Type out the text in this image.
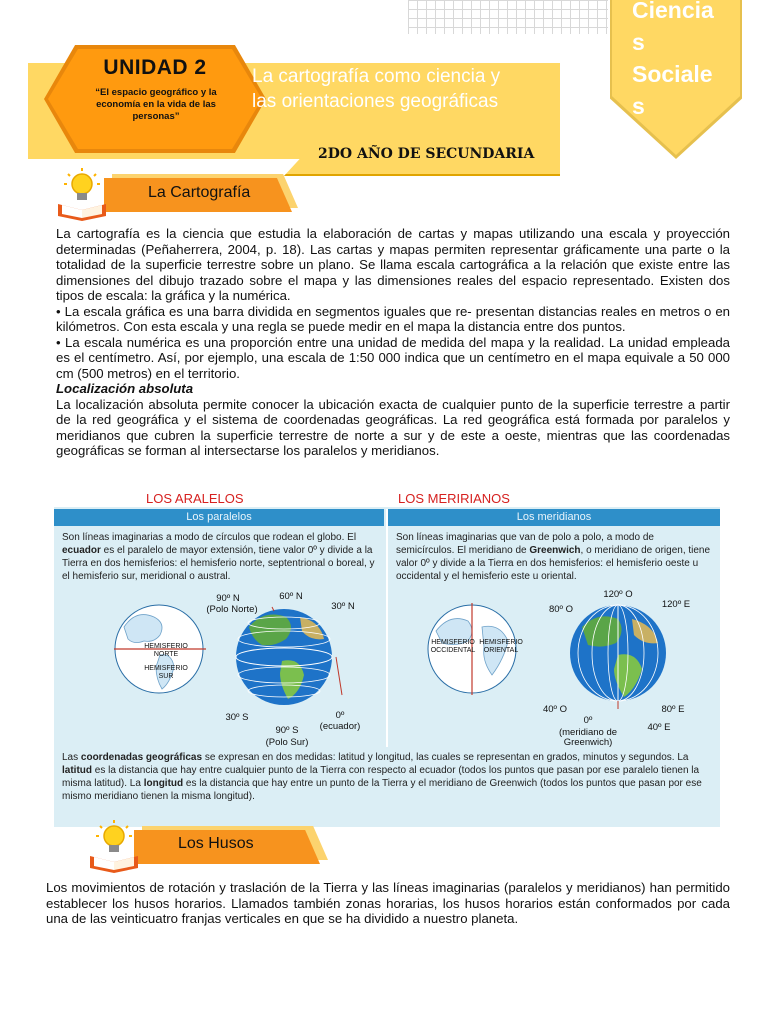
UNIDAD 2
“El espacio geográfico y la economía en la vida de las personas”
La cartografía como ciencia y
las orientaciones geográficas
2DO AÑO DE SECUNDARIA
Ciencia
s
Sociale
s
La Cartografía

La cartografía es la ciencia que estudia la elaboración de cartas y mapas utilizando una escala y proyección determinadas (Peñaherrera, 2004, p. 18). Las cartas y mapas permiten representar gráficamente una parte o la totalidad de la superficie terrestre sobre un plano. Se llama escala cartográfica a la relación que existe entre las dimensiones del dibujo trazado sobre el mapa y las dimensiones reales del espacio representado. Existen dos tipos de escala: la gráfica y la numérica.

• La escala gráfica es una barra dividida en segmentos iguales que re- presentan distancias reales en metros o en kilómetros. Con esta escala y una regla se puede medir en el mapa la distancia entre dos puntos.

• La escala numérica es una proporción entre una unidad de medida del mapa y la realidad. La unidad empleada es el centímetro. Así, por ejemplo, una escala de 1:50 000 indica que un centímetro en el mapa equivale a 50 000 cm (500 metros) en el territorio.

Localización absoluta

La localización absoluta permite conocer la ubicación exacta de cualquier punto de la superficie terrestre a partir de la red geográfica y el sistema de coordenadas geográficas. La red geográfica está formada por paralelos y meridianos que cubren la superficie terrestre de norte a sur y de este a oeste, mientras que las coordenadas geográficas se forman al intersectarse los paralelos y meridianos.

LOS ARALELOS	LOS MERIRIANOS
Los paralelos	Los meridianos
Son líneas imaginarias a modo de círculos que rodean el globo. El ecuador es el paralelo de mayor extensión, tiene valor 0º y divide a la Tierra en dos hemisferios: el hemisferio norte, septentrional o boreal, y el hemisferio sur, meridional o austral.
Son líneas imaginarias que van de polo a polo, a modo de semicírculos. El meridiano de Greenwich, o meridiano de origen, tiene valor 0º y divide a la Tierra en dos hemisferios: el hemisferio oeste u occidental y el hemisferio este u oriental.
HEMISFERIO NORTE
HEMISFERIO SUR
90º N
(Polo Norte)
60º N
30º N
30º S
90º S
(Polo Sur)
0º
(ecuador)
HEMISFERIO OCCIDENTAL
HEMISFERIO ORIENTAL
120º O
80º O	120º E
40º O	80º E
40º E
0º
(meridiano de
Greenwich)
Las coordenadas geográficas se expresan en dos medidas: latitud y longitud, las cuales se representan en grados, minutos y segundos. La latitud es la distancia que hay entre cualquier punto de la Tierra con respecto al ecuador (todos los puntos que pasan por ese paralelo tienen la misma latitud). La longitud es la distancia que hay entre un punto de la Tierra y el meridiano de Greenwich (todos los puntos que pasan por ese mismo meridiano tienen la misma longitud).
Los Husos

Los movimientos de rotación y traslación de la Tierra y las líneas imaginarias (paralelos y meridianos) han permitido establecer los husos horarios. Llamados también zonas horarias, los husos horarios están conformados por cada una de las veinticuatro franjas verticales en que se ha dividido a nuestro planeta.
